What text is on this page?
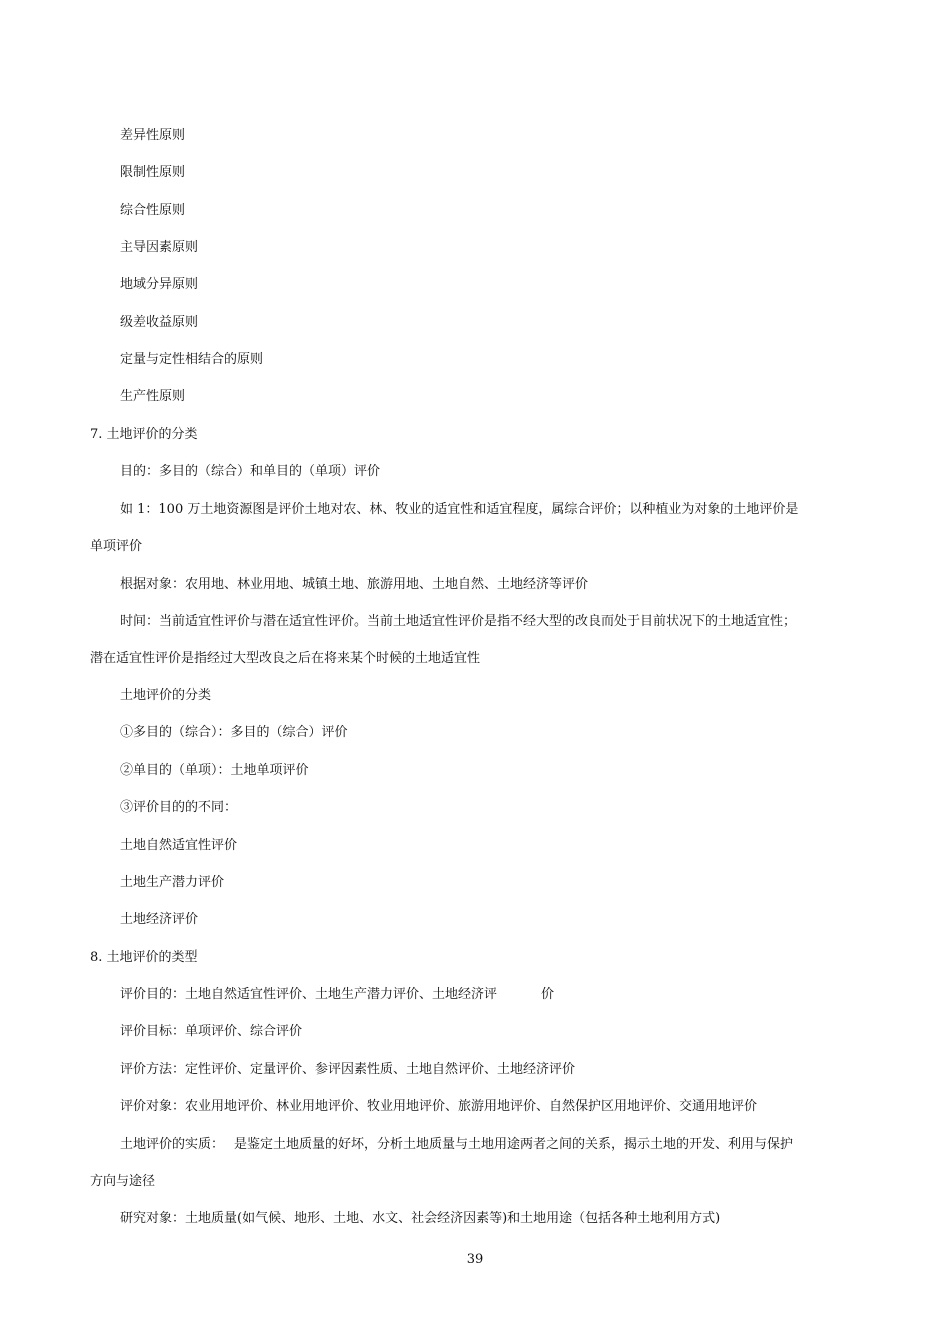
差异性原则
限制性原则
综合性原则
主导因素原则
地域分异原则
级差收益原则
定量与定性相结合的原则
生产性原则
7. 土地评价的分类
目的：多目的（综合）和单目的（单项）评价
如 1：100 万土地资源图是评价土地对农、林、牧业的适宜性和适宜程度，属综合评价；以种植业为对象的土地评价是
单项评价
根据对象：农用地、林业用地、城镇土地、旅游用地、土地自然、土地经济等评价
时间：当前适宜性评价与潜在适宜性评价。当前土地适宜性评价是指不经大型的改良而处于目前状况下的土地适宜性；
潜在适宜性评价是指经过大型改良之后在将来某个时候的土地适宜性
土地评价的分类
①多目的（综合）：多目的（综合）评价
②单目的（单项）：土地单项评价
③评价目的的不同：
土地自然适宜性评价
土地生产潜力评价
土地经济评价
8. 土地评价的类型
评价目的：土地自然适宜性评价、土地生产潜力评价、土地经济评	价
评价目标：单项评价、综合评价
评价方法：定性评价、定量评价、参评因素性质、土地自然评价、土地经济评价
评价对象：农业用地评价、林业用地评价、牧业用地评价、旅游用地评价、自然保护区用地评价、交通用地评价
土地评价的实质： 是鉴定土地质量的好坏，分析土地质量与土地用途两者之间的关系，揭示土地的开发、利用与保护
方向与途径
研究对象：土地质量(如气候、地形、土地、水文、社会经济因素等)和土地用途（包括各种土地利用方式)
39
